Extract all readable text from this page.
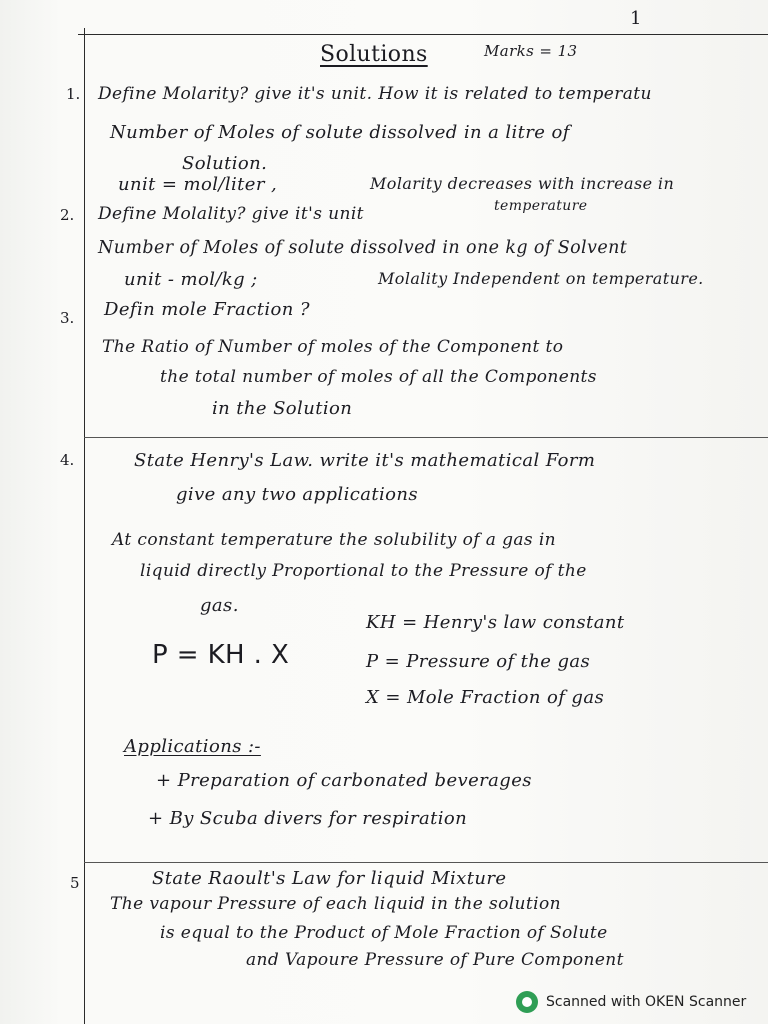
1
Solutions	Marks = 13
1. Define Molarity? give it's unit. How it is related to temperatu
Number of Moles of solute dissolved in a litre of
Solution.
unit = mol/liter ,	Molarity decreases with increase in
temperature
2. Define Molality? give it's unit
Number of Moles of solute dissolved in one kg of Solvent
unit - mol/kg ;	Molality Independent on temperature.
3. Defin mole Fraction ?
The Ratio of Number of moles of the Component to
the total number of moles of all the Components
in the Solution
4.	State Henry's Law. write it's mathematical Form
give any two applications
At constant temperature the solubility of a gas in
liquid directly Proportional to the Pressure of the
gas.
P = KH . X
KH = Henry's law constant
P = Pressure of the gas
X = Mole Fraction of gas
Applications :-
+ Preparation of carbonated beverages
+ By Scuba divers for respiration
5	State Raoult's Law for liquid Mixture
The vapour Pressure of each liquid in the solution
is equal to the Product of Mole Fraction of Solute
and Vapoure Pressure of Pure Component
Scanned with OKEN Scanner
